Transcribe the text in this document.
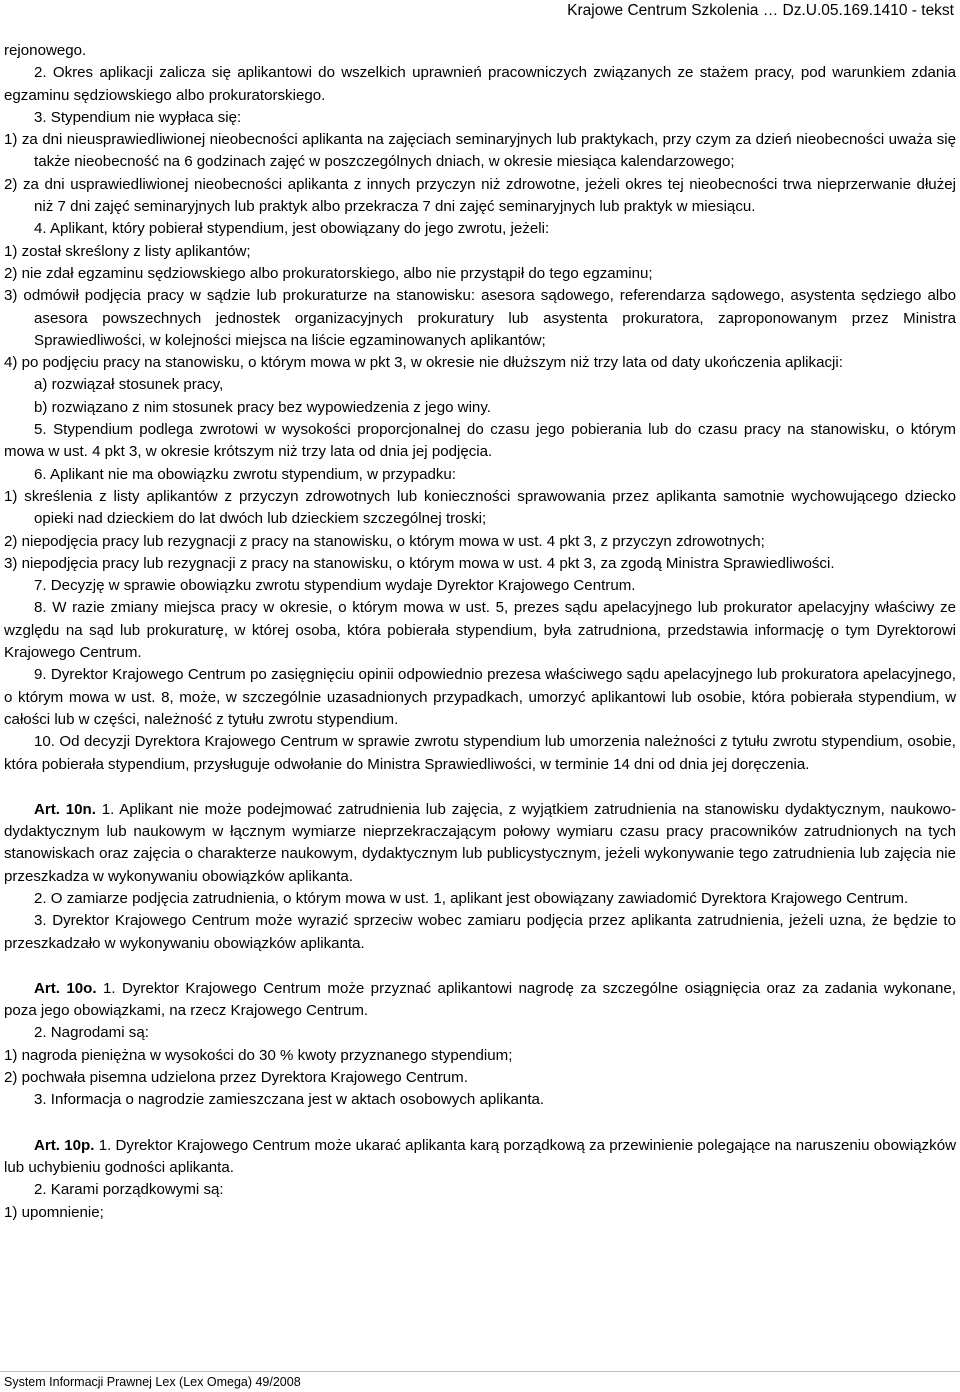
Krajowe Centrum Szkolenia … Dz.U.05.169.1410 - tekst

rejonowego.

2. Okres aplikacji zalicza się aplikantowi do wszelkich uprawnień pracowniczych związanych ze stażem pracy, pod warunkiem zdania egzaminu sędziowskiego albo prokuratorskiego.

3. Stypendium nie wypłaca się:

1) za dni nieusprawiedliwionej nieobecności aplikanta na zajęciach seminaryjnych lub praktykach, przy czym za dzień nieobecności uważa się także nieobecność na 6 godzinach zajęć w poszczególnych dniach, w okresie miesiąca kalendarzowego;

2) za dni usprawiedliwionej nieobecności aplikanta z innych przyczyn niż zdrowotne, jeżeli okres tej nieobecności trwa nieprzerwanie dłużej niż 7 dni zajęć seminaryjnych lub praktyk albo przekracza 7 dni zajęć seminaryjnych lub praktyk w miesiącu.

4. Aplikant, który pobierał stypendium, jest obowiązany do jego zwrotu, jeżeli:

1) został skreślony z listy aplikantów;

2) nie zdał egzaminu sędziowskiego albo prokuratorskiego, albo nie przystąpił do tego egzaminu;

3) odmówił podjęcia pracy w sądzie lub prokuraturze na stanowisku: asesora sądowego, referendarza sądowego, asystenta sędziego albo asesora powszechnych jednostek organizacyjnych prokuratury lub asystenta prokuratora, zaproponowanym przez Ministra Sprawiedliwości, w kolejności miejsca na liście egzaminowanych aplikantów;

4) po podjęciu pracy na stanowisku, o którym mowa w pkt 3, w okresie nie dłuższym niż trzy lata od daty ukończenia aplikacji:

a) rozwiązał stosunek pracy,

b) rozwiązano z nim stosunek pracy bez wypowiedzenia z jego winy.

5. Stypendium podlega zwrotowi w wysokości proporcjonalnej do czasu jego pobierania lub do czasu pracy na stanowisku, o którym mowa w ust. 4 pkt 3, w okresie krótszym niż trzy lata od dnia jej podjęcia.

6. Aplikant nie ma obowiązku zwrotu stypendium, w przypadku:

1) skreślenia z listy aplikantów z przyczyn zdrowotnych lub konieczności sprawowania przez aplikanta samotnie wychowującego dziecko opieki nad dzieckiem do lat dwóch lub dzieckiem szczególnej troski;

2) niepodjęcia pracy lub rezygnacji z pracy na stanowisku, o którym mowa w ust. 4 pkt 3, z przyczyn zdrowotnych;

3) niepodjęcia pracy lub rezygnacji z pracy na stanowisku, o którym mowa w ust. 4 pkt 3, za zgodą Ministra Sprawiedliwości.

7. Decyzję w sprawie obowiązku zwrotu stypendium wydaje Dyrektor Krajowego Centrum.

8. W razie zmiany miejsca pracy w okresie, o którym mowa w ust. 5, prezes sądu apelacyjnego lub prokurator apelacyjny właściwy ze względu na sąd lub prokuraturę, w której osoba, która pobierała stypendium, była zatrudniona, przedstawia informację o tym Dyrektorowi Krajowego Centrum.

9. Dyrektor Krajowego Centrum po zasięgnięciu opinii odpowiednio prezesa właściwego sądu apelacyjnego lub prokuratora apelacyjnego, o którym mowa w ust. 8, może, w szczególnie uzasadnionych przypadkach, umorzyć aplikantowi lub osobie, która pobierała stypendium, w całości lub w części, należność z tytułu zwrotu stypendium.

10. Od decyzji Dyrektora Krajowego Centrum w sprawie zwrotu stypendium lub umorzenia należności z tytułu zwrotu stypendium, osobie, która pobierała stypendium, przysługuje odwołanie do Ministra Sprawiedliwości, w terminie 14 dni od dnia jej doręczenia.

Art. 10n. 1. Aplikant nie może podejmować zatrudnienia lub zajęcia, z wyjątkiem zatrudnienia na stanowisku dydaktycznym, naukowo-dydaktycznym lub naukowym w łącznym wymiarze nieprzekraczającym połowy wymiaru czasu pracy pracowników zatrudnionych na tych stanowiskach oraz zajęcia o charakterze naukowym, dydaktycznym lub publicystycznym, jeżeli wykonywanie tego zatrudnienia lub zajęcia nie przeszkadza w wykonywaniu obowiązków aplikanta.

2. O zamiarze podjęcia zatrudnienia, o którym mowa w ust. 1, aplikant jest obowiązany zawiadomić Dyrektora Krajowego Centrum.

3. Dyrektor Krajowego Centrum może wyrazić sprzeciw wobec zamiaru podjęcia przez aplikanta zatrudnienia, jeżeli uzna, że będzie to przeszkadzało w wykonywaniu obowiązków aplikanta.

Art. 10o. 1. Dyrektor Krajowego Centrum może przyznać aplikantowi nagrodę za szczególne osiągnięcia oraz za zadania wykonane, poza jego obowiązkami, na rzecz Krajowego Centrum.

2. Nagrodami są:

1) nagroda pieniężna w wysokości do 30 % kwoty przyznanego stypendium;

2) pochwała pisemna udzielona przez Dyrektora Krajowego Centrum.

3. Informacja o nagrodzie zamieszczana jest w aktach osobowych aplikanta.

Art. 10p. 1. Dyrektor Krajowego Centrum może ukarać aplikanta karą porządkową za przewinienie polegające na naruszeniu obowiązków lub uchybieniu godności aplikanta.

2. Karami porządkowymi są:

1) upomnienie;

System Informacji Prawnej Lex (Lex Omega) 49/2008
